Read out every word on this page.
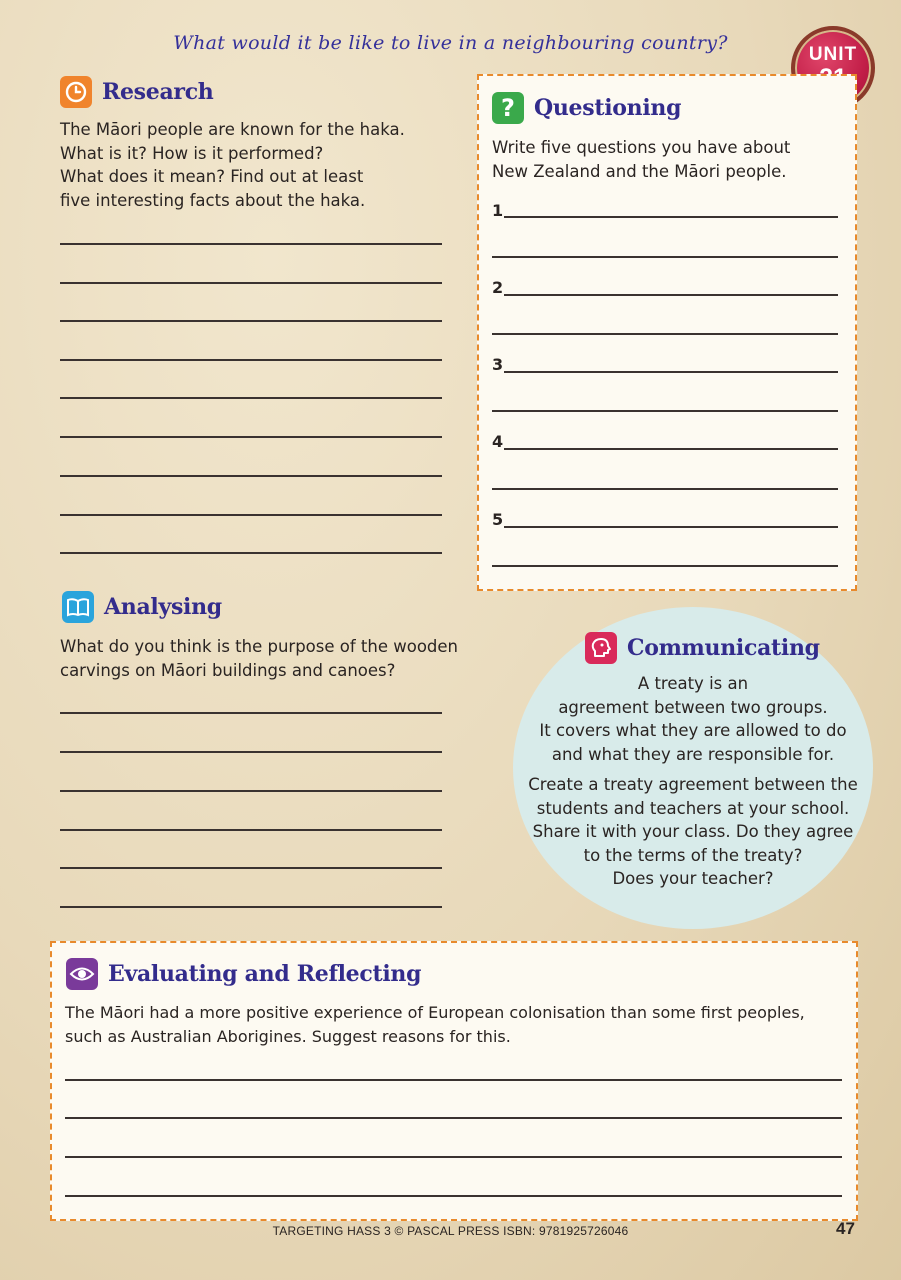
What would it be like to live in a neighbouring country?
UNIT
Research
The Māori people are known for the haka.
What is it? How is it performed?
What does it mean? Find out at least
five interesting facts about the haka.
? Questioning
Write five questions you have about
New Zealand and the Māori people.
1
2
3
4
5
Analysing
What do you think is the purpose of the wooden
carvings on Māori buildings and canoes?
Communicating
A treaty is an
agreement between two groups.
It covers what they are allowed to do
and what they are responsible for.
Create a treaty agreement between the
students and teachers at your school.
Share it with your class. Do they agree
to the terms of the treaty?
Does your teacher?
Evaluating and Reflecting
The Māori had a more positive experience of European colonisation than some first peoples,
such as Australian Aborigines. Suggest reasons for this.
TARGETING HASS 3 © PASCAL PRESS ISBN: 9781925726046	47
